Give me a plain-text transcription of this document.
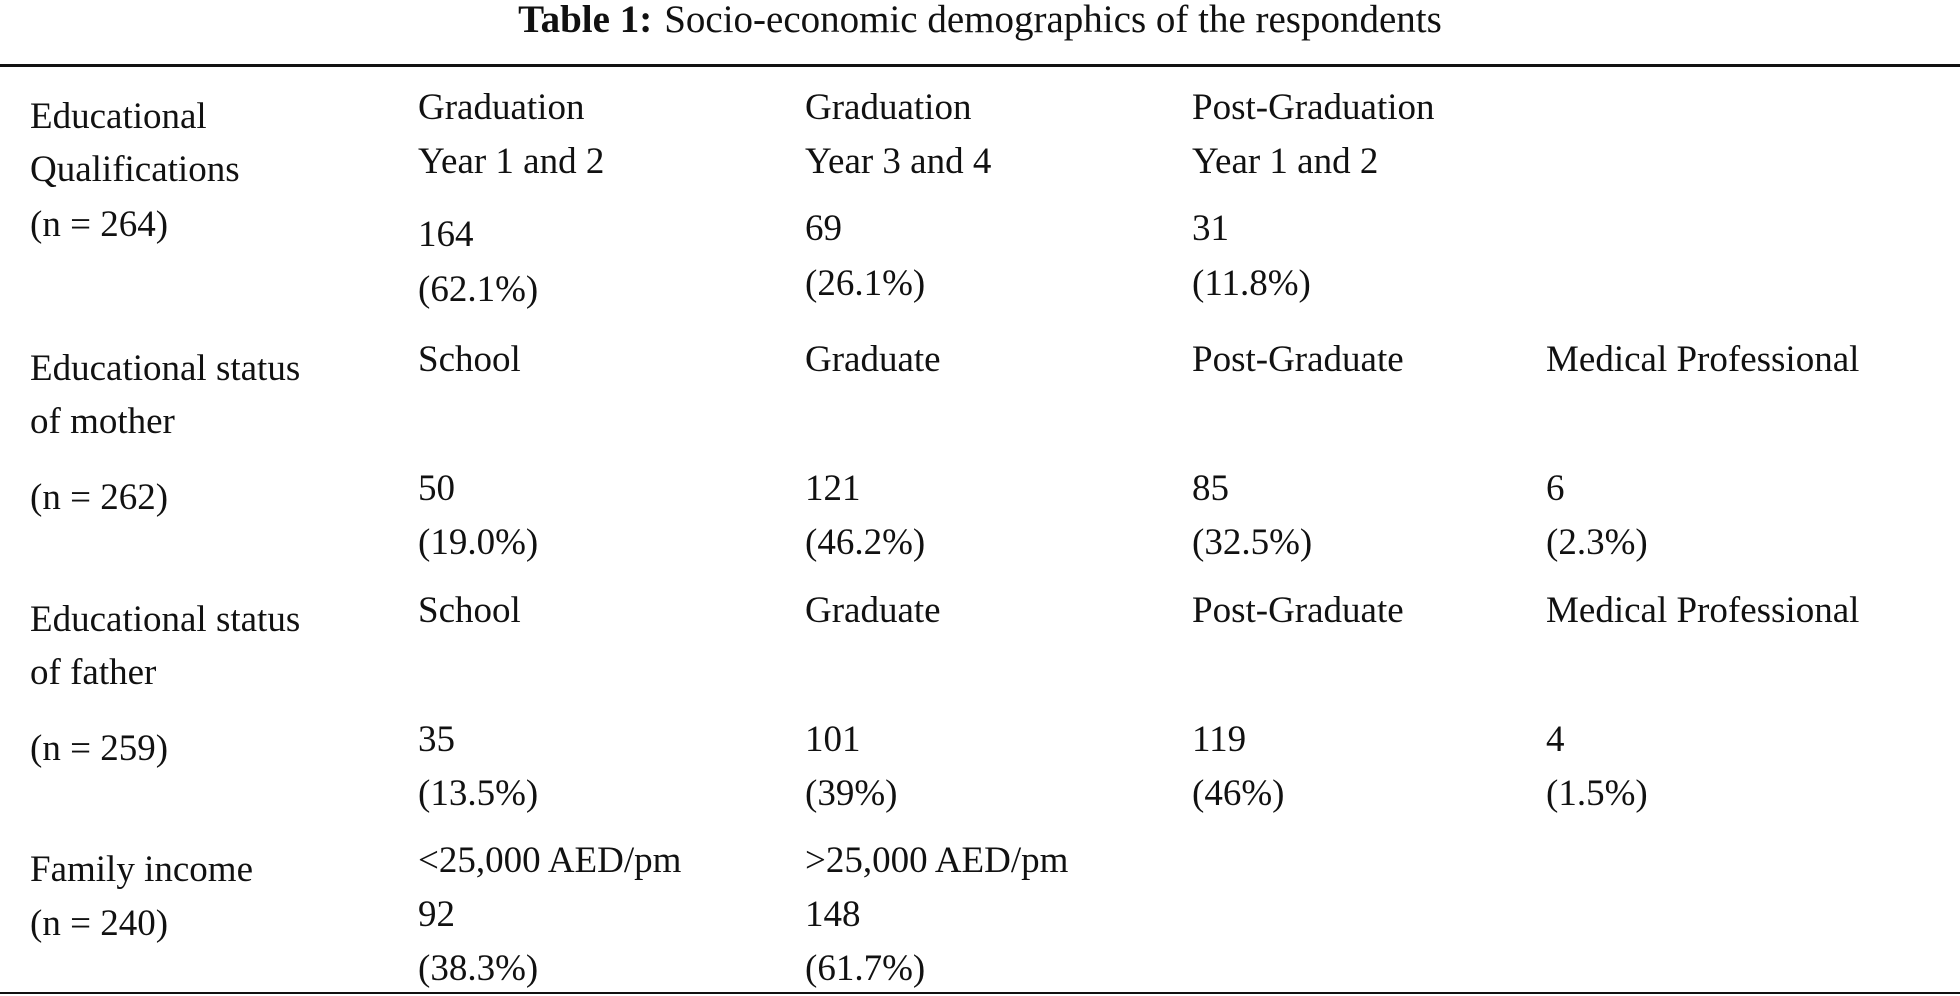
Table 1: Socio-economic demographics of the respondents
Educational
Qualifications
(n = 264)
Graduation
Year 1 and 2
164
(62.1%)
Graduation
Year 3 and 4
69
(26.1%)
Post-Graduation
Year 1 and 2
31
(11.8%)
Educational status
of mother
(n = 262)
School
50
(19.0%)
Graduate
121
(46.2%)
Post-Graduate
85
(32.5%)
Medical Professional
6
(2.3%)
Educational status
of father
(n = 259)
School
35
(13.5%)
Graduate
101
(39%)
Post-Graduate
119
(46%)
Medical Professional
4
(1.5%)
Family income
(n = 240)
<25,000 AED/pm
92
(38.3%)
>25,000 AED/pm
148
(61.7%)
